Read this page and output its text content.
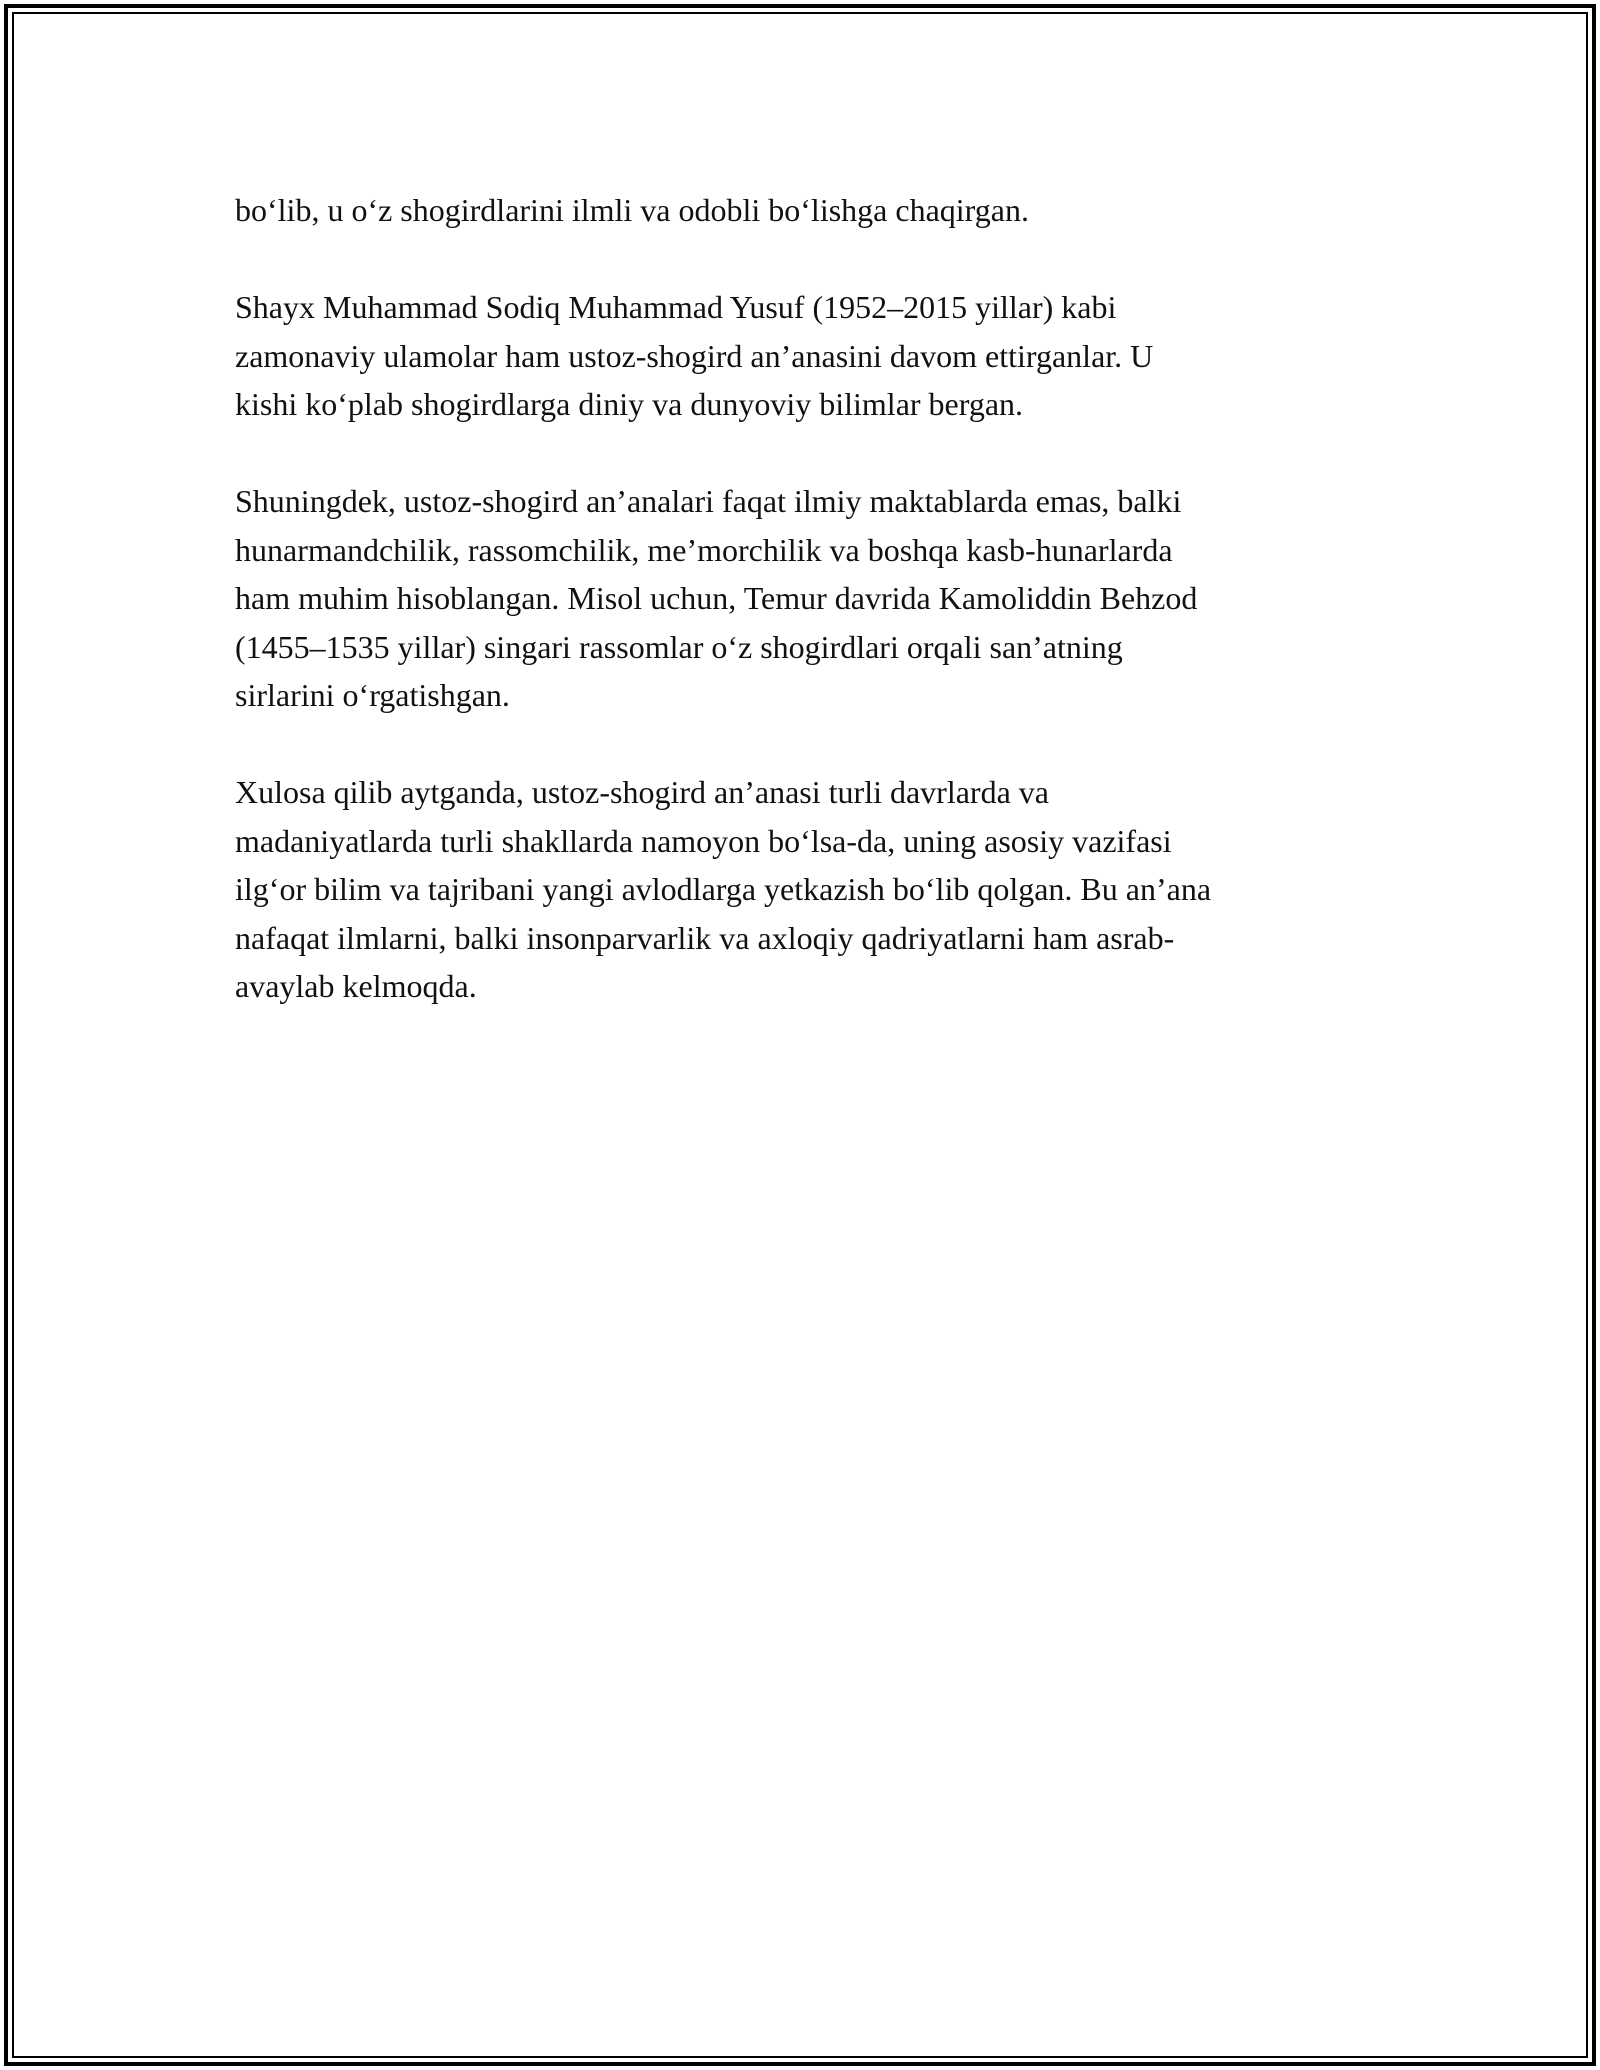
bo‘lib, u o‘z shogirdlarini ilmli va odobli bo‘lishga chaqirgan.

Shayx Muhammad Sodiq Muhammad Yusuf (1952–2015 yillar) kabi
zamonaviy ulamolar ham ustoz-shogird an’anasini davom ettirganlar. U
kishi ko‘plab shogirdlarga diniy va dunyoviy bilimlar bergan.

Shuningdek, ustoz-shogird an’analari faqat ilmiy maktablarda emas, balki
hunarmandchilik, rassomchilik, me’morchilik va boshqa kasb-hunarlarda
ham muhim hisoblangan. Misol uchun, Temur davrida Kamoliddin Behzod
(1455–1535 yillar) singari rassomlar o‘z shogirdlari orqali san’atning
sirlarini o‘rgatishgan.

Xulosa qilib aytganda, ustoz-shogird an’anasi turli davrlarda va
madaniyatlarda turli shakllarda namoyon bo‘lsa-da, uning asosiy vazifasi
ilg‘or bilim va tajribani yangi avlodlarga yetkazish bo‘lib qolgan. Bu an’ana
nafaqat ilmlarni, balki insonparvarlik va axloqiy qadriyatlarni ham asrab-
avaylab kelmoqda.
